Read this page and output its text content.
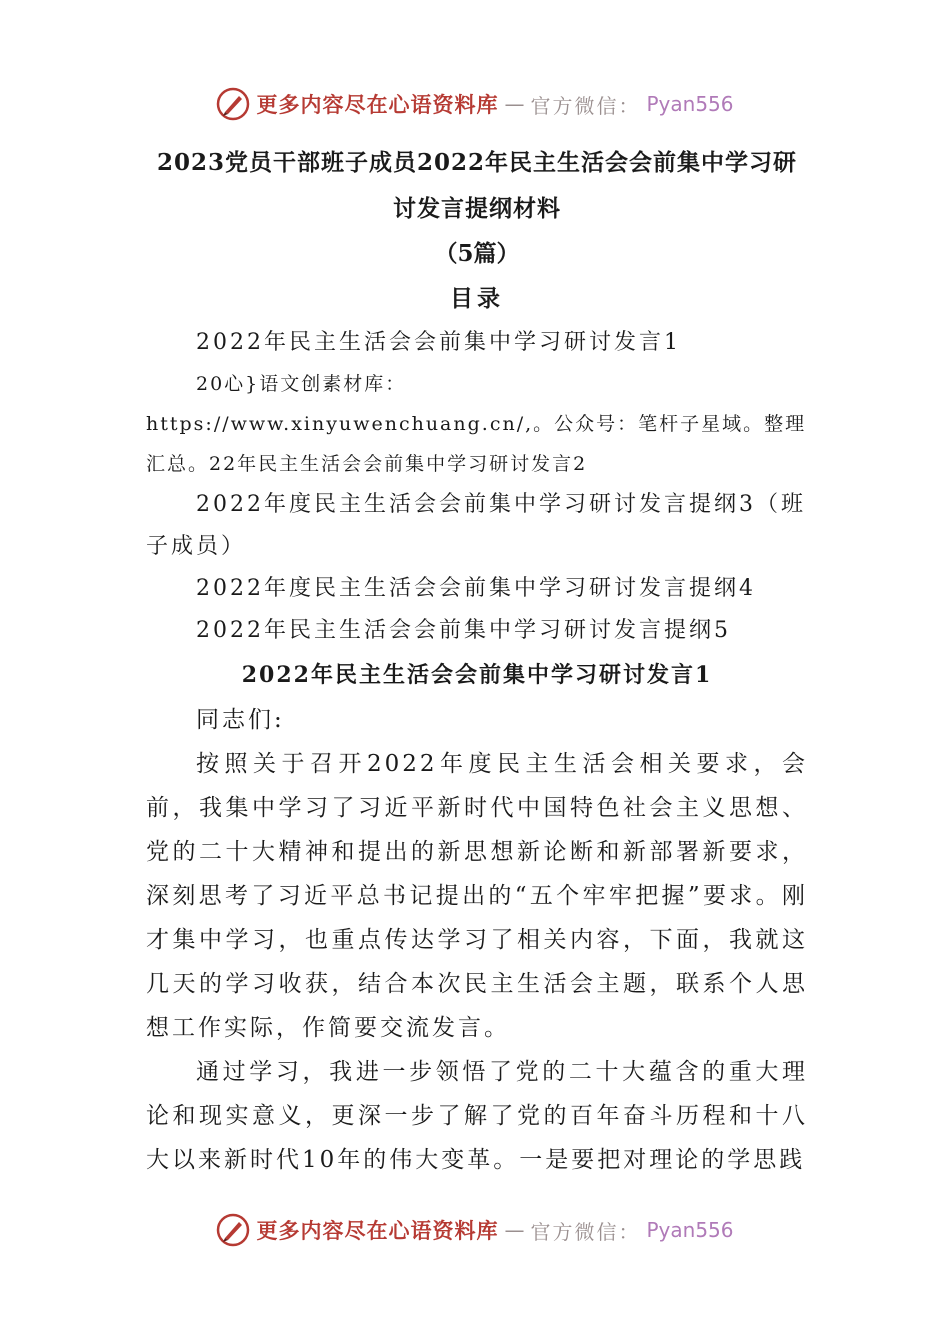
更多内容尽在心语资料库 — 官方微信： Pyan556
2023党员干部班子成员2022年民主生活会会前集中学习研讨发言提纲材料
（5篇）
目录
2022年民主生活会会前集中学习研讨发言1
20心}语文创素材库：https://www.xinyuwenchuang.cn/,。公众号：笔杆子星域。整理汇总。22年民主生活会会前集中学习研讨发言2
2022年度民主生活会会前集中学习研讨发言提纲3（班子成员）
2022年度民主生活会会前集中学习研讨发言提纲4
2022年民主生活会会前集中学习研讨发言提纲5
2022年民主生活会会前集中学习研讨发言1

同志们:

按照关于召开2022年度民主生活会相关要求，会前，我集中学习了习近平新时代中国特色社会主义思想、党的二十大精神和提出的新思想新论断和新部署新要求，深刻思考了习近平总书记提出的“五个牢牢把握”要求。刚才集中学习，也重点传达学习了相关内容，下面，我就这几天的学习收获，结合本次民主生活会主题，联系个人思想工作实际，作简要交流发言。

通过学习，我进一步领悟了党的二十大蕴含的重大理论和现实意义，更深一步了解了党的百年奋斗历程和十八大以来新时代10年的伟大变革。一是要把对理论的学思践

更多内容尽在心语资料库 — 官方微信： Pyan556
